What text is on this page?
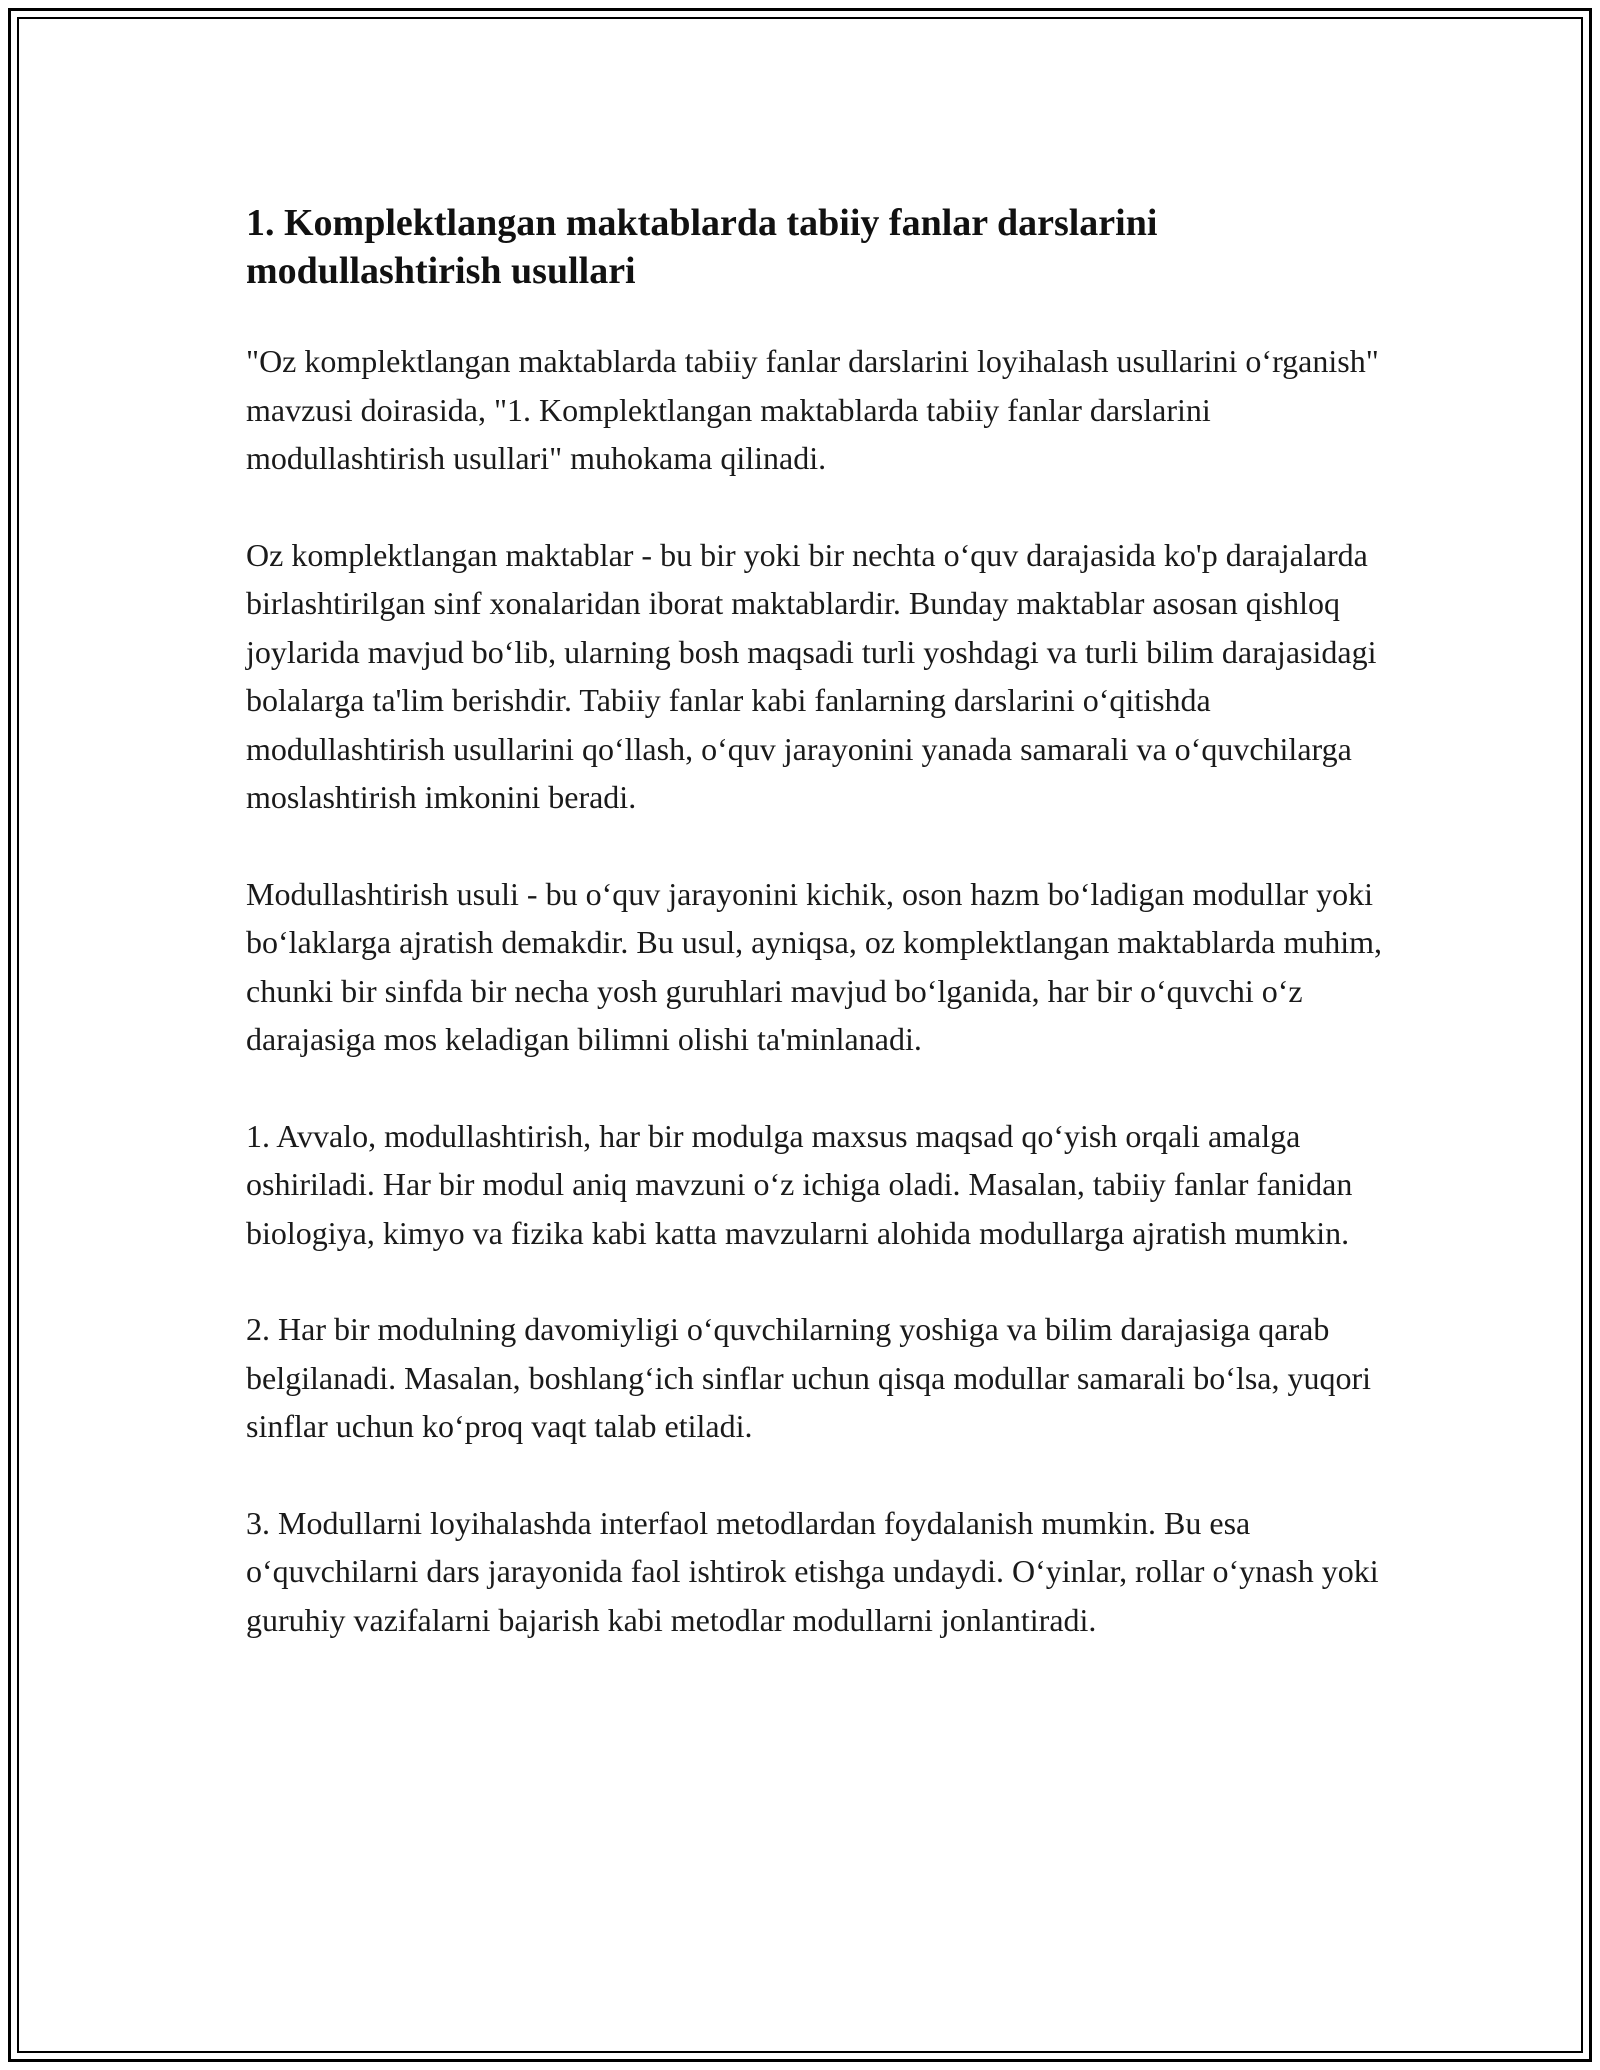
1. Komplektlangan maktablarda tabiiy fanlar darslarini modullashtirish usullari

"Oz komplektlangan maktablarda tabiiy fanlar darslarini loyihalash usullarini o‘rganish" mavzusi doirasida, "1. Komplektlangan maktablarda tabiiy fanlar darslarini modullashtirish usullari" muhokama qilinadi.

Oz komplektlangan maktablar - bu bir yoki bir nechta o‘quv darajasida ko'p darajalarda birlashtirilgan sinf xonalaridan iborat maktablardir. Bunday maktablar asosan qishloq joylarida mavjud bo‘lib, ularning bosh maqsadi turli yoshdagi va turli bilim darajasidagi bolalarga ta'lim berishdir. Tabiiy fanlar kabi fanlarning darslarini o‘qitishda modullashtirish usullarini qo‘llash, o‘quv jarayonini yanada samarali va o‘quvchilarga moslashtirish imkonini beradi.

Modullashtirish usuli - bu o‘quv jarayonini kichik, oson hazm bo‘ladigan modullar yoki bo‘laklarga ajratish demakdir. Bu usul, ayniqsa, oz komplektlangan maktablarda muhim, chunki bir sinfda bir necha yosh guruhlari mavjud bo‘lganida, har bir o‘quvchi o‘z darajasiga mos keladigan bilimni olishi ta'minlanadi.

1. Avvalo, modullashtirish, har bir modulga maxsus maqsad qo‘yish orqali amalga oshiriladi. Har bir modul aniq mavzuni o‘z ichiga oladi. Masalan, tabiiy fanlar fanidan biologiya, kimyo va fizika kabi katta mavzularni alohida modullarga ajratish mumkin.

2. Har bir modulning davomiyligi o‘quvchilarning yoshiga va bilim darajasiga qarab belgilanadi. Masalan, boshlang‘ich sinflar uchun qisqa modullar samarali bo‘lsa, yuqori sinflar uchun ko‘proq vaqt talab etiladi.

3. Modullarni loyihalashda interfaol metodlardan foydalanish mumkin. Bu esa o‘quvchilarni dars jarayonida faol ishtirok etishga undaydi. O‘yinlar, rollar o‘ynash yoki guruhiy vazifalarni bajarish kabi metodlar modullarni jonlantiradi.
